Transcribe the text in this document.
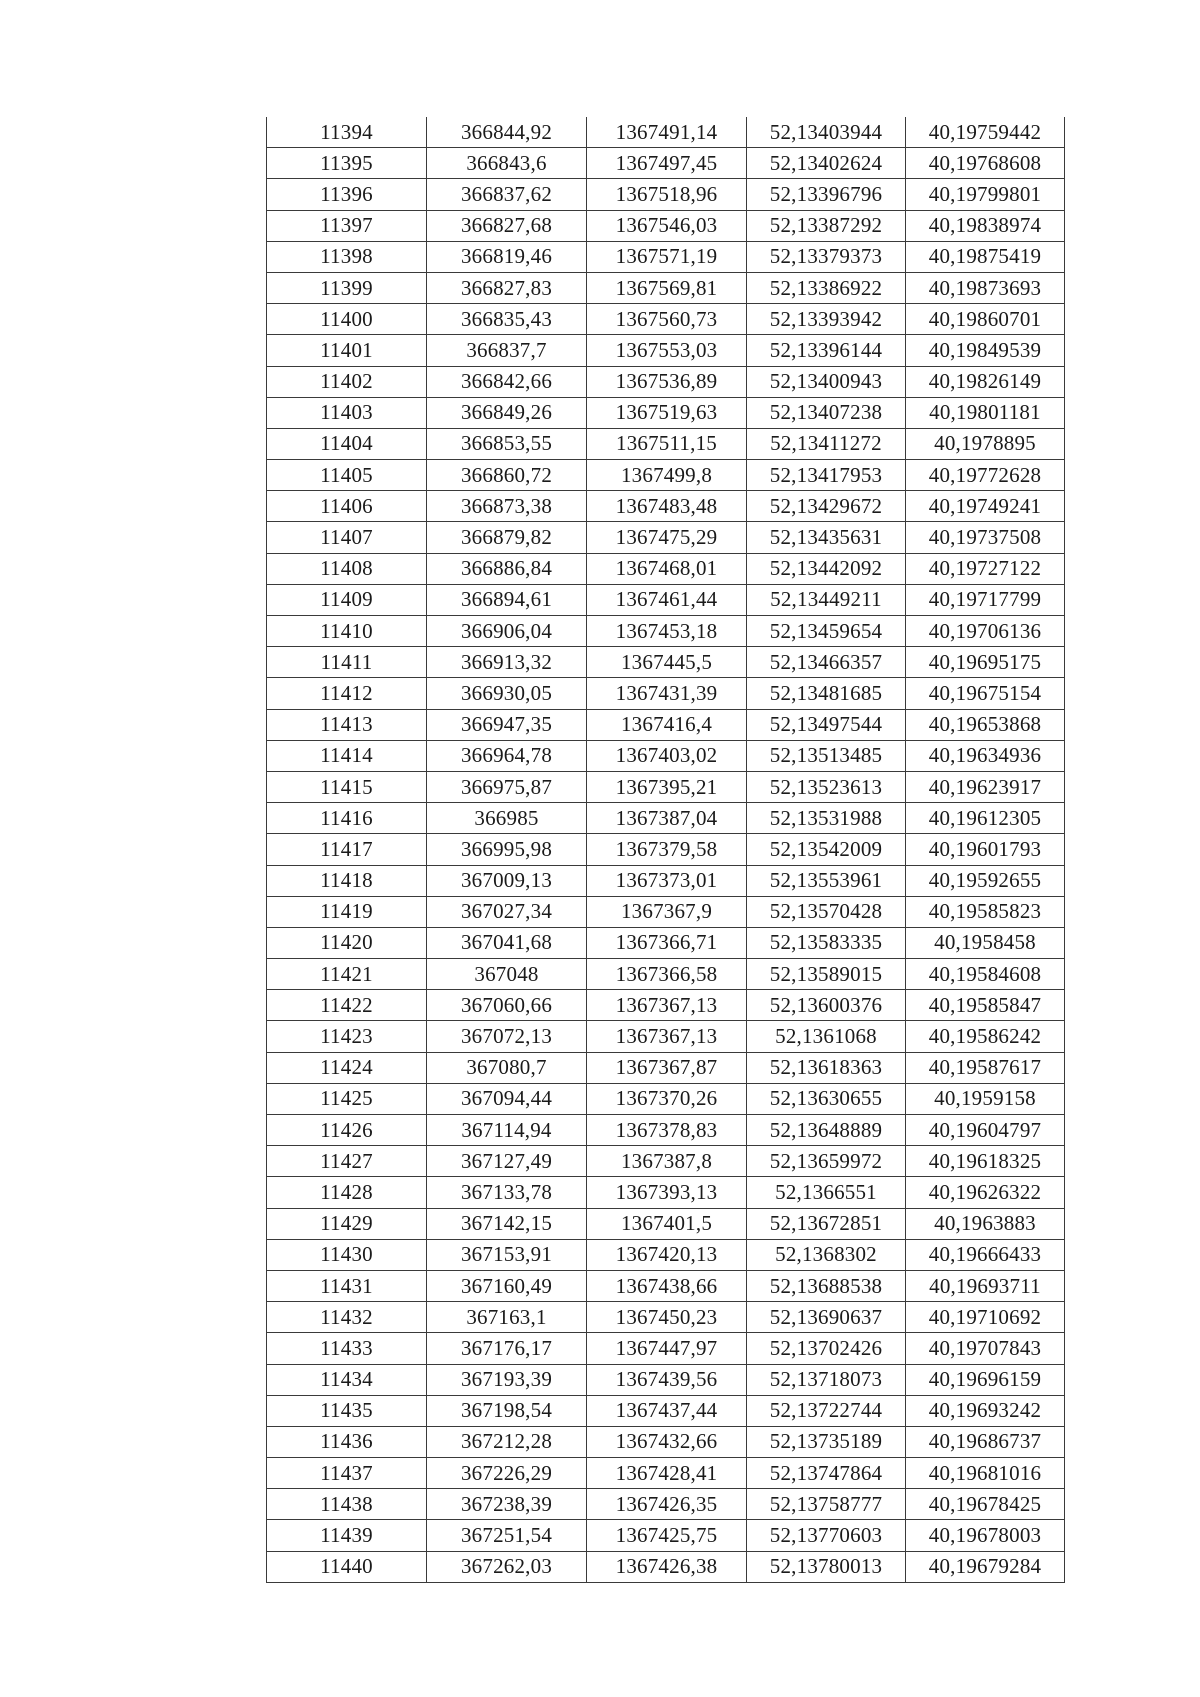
11394	366844,92	1367491,14	52,13403944	40,19759442
11395	366843,6	1367497,45	52,13402624	40,19768608
11396	366837,62	1367518,96	52,13396796	40,19799801
11397	366827,68	1367546,03	52,13387292	40,19838974
11398	366819,46	1367571,19	52,13379373	40,19875419
11399	366827,83	1367569,81	52,13386922	40,19873693
11400	366835,43	1367560,73	52,13393942	40,19860701
11401	366837,7	1367553,03	52,13396144	40,19849539
11402	366842,66	1367536,89	52,13400943	40,19826149
11403	366849,26	1367519,63	52,13407238	40,19801181
11404	366853,55	1367511,15	52,13411272	40,1978895
11405	366860,72	1367499,8	52,13417953	40,19772628
11406	366873,38	1367483,48	52,13429672	40,19749241
11407	366879,82	1367475,29	52,13435631	40,19737508
11408	366886,84	1367468,01	52,13442092	40,19727122
11409	366894,61	1367461,44	52,13449211	40,19717799
11410	366906,04	1367453,18	52,13459654	40,19706136
11411	366913,32	1367445,5	52,13466357	40,19695175
11412	366930,05	1367431,39	52,13481685	40,19675154
11413	366947,35	1367416,4	52,13497544	40,19653868
11414	366964,78	1367403,02	52,13513485	40,19634936
11415	366975,87	1367395,21	52,13523613	40,19623917
11416	366985	1367387,04	52,13531988	40,19612305
11417	366995,98	1367379,58	52,13542009	40,19601793
11418	367009,13	1367373,01	52,13553961	40,19592655
11419	367027,34	1367367,9	52,13570428	40,19585823
11420	367041,68	1367366,71	52,13583335	40,1958458
11421	367048	1367366,58	52,13589015	40,19584608
11422	367060,66	1367367,13	52,13600376	40,19585847
11423	367072,13	1367367,13	52,1361068	40,19586242
11424	367080,7	1367367,87	52,13618363	40,19587617
11425	367094,44	1367370,26	52,13630655	40,1959158
11426	367114,94	1367378,83	52,13648889	40,19604797
11427	367127,49	1367387,8	52,13659972	40,19618325
11428	367133,78	1367393,13	52,1366551	40,19626322
11429	367142,15	1367401,5	52,13672851	40,1963883
11430	367153,91	1367420,13	52,1368302	40,19666433
11431	367160,49	1367438,66	52,13688538	40,19693711
11432	367163,1	1367450,23	52,13690637	40,19710692
11433	367176,17	1367447,97	52,13702426	40,19707843
11434	367193,39	1367439,56	52,13718073	40,19696159
11435	367198,54	1367437,44	52,13722744	40,19693242
11436	367212,28	1367432,66	52,13735189	40,19686737
11437	367226,29	1367428,41	52,13747864	40,19681016
11438	367238,39	1367426,35	52,13758777	40,19678425
11439	367251,54	1367425,75	52,13770603	40,19678003
11440	367262,03	1367426,38	52,13780013	40,19679284
